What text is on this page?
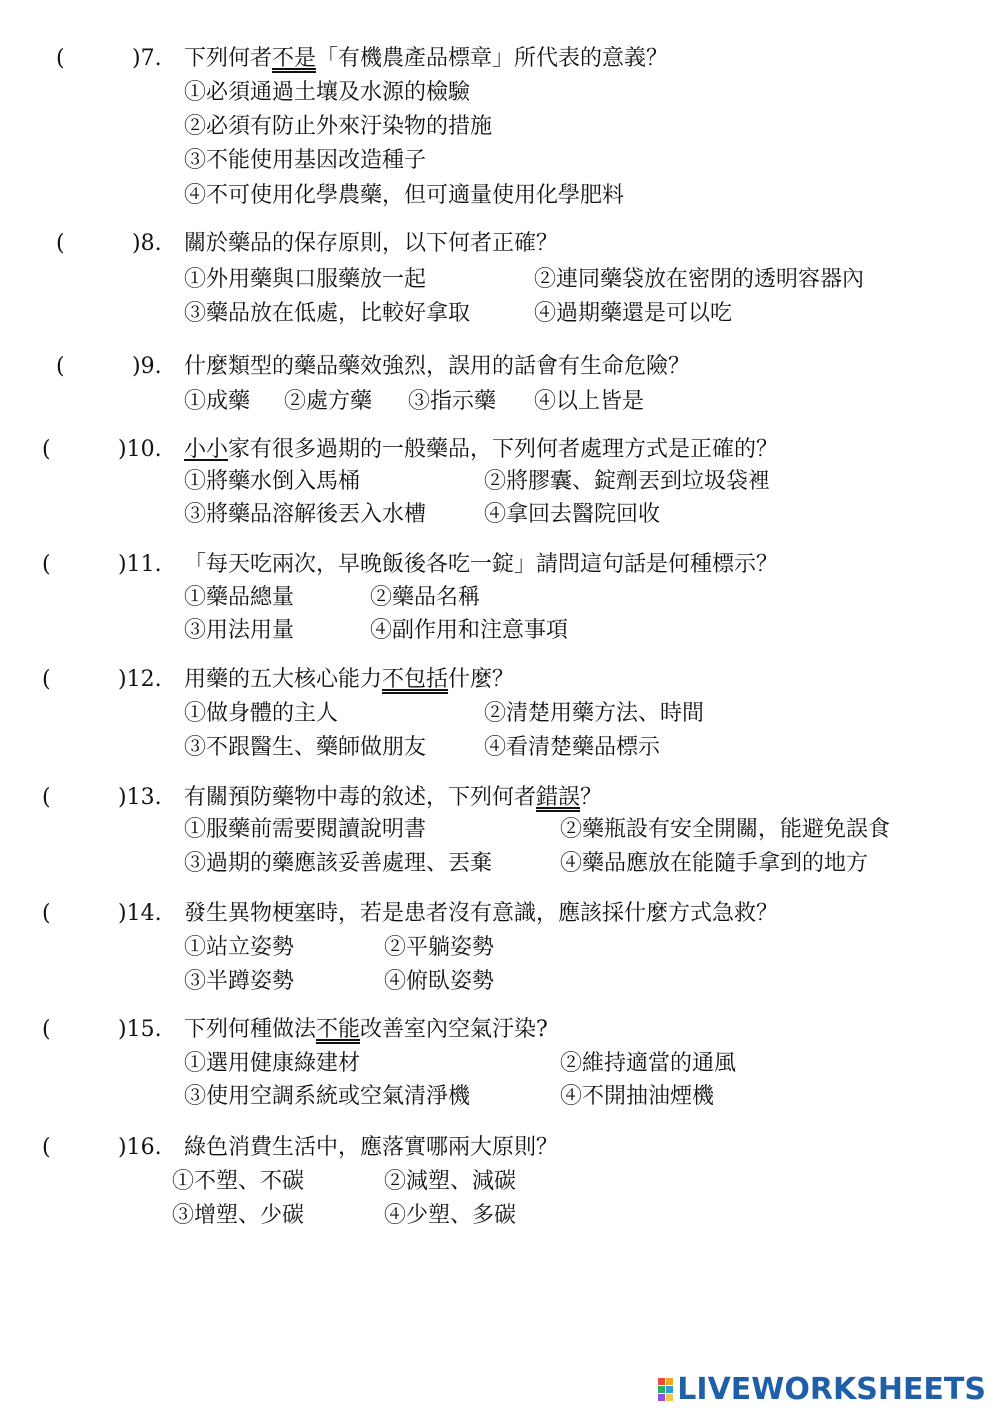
(	)7. 下列何者不是「有機農產品標章」所代表的意義？
①必須通過土壤及水源的檢驗
②必須有防止外來汙染物的措施
③不能使用基因改造種子
④不可使用化學農藥，但可適量使用化學肥料
(	)8. 關於藥品的保存原則，以下何者正確？
①外用藥與口服藥放一起	②連同藥袋放在密閉的透明容器內
③藥品放在低處，比較好拿取	④過期藥還是可以吃
(	)9. 什麼類型的藥品藥效強烈，誤用的話會有生命危險？
①成藥 ②處方藥 ③指示藥 ④以上皆是
(	)10. 小小家有很多過期的一般藥品，下列何者處理方式是正確的？
①將藥水倒入馬桶	②將膠囊、錠劑丟到垃圾袋裡
③將藥品溶解後丟入水槽	④拿回去醫院回收
(	)11. 「每天吃兩次，早晚飯後各吃一錠」請問這句話是何種標示？
①藥品總量	②藥品名稱
③用法用量	④副作用和注意事項
(	)12. 用藥的五大核心能力不包括什麼？
①做身體的主人	②清楚用藥方法、時間
③不跟醫生、藥師做朋友	④看清楚藥品標示
(	)13. 有關預防藥物中毒的敘述，下列何者錯誤？
①服藥前需要閱讀說明書	②藥瓶設有安全開關，能避免誤食
③過期的藥應該妥善處理、丟棄	④藥品應放在能隨手拿到的地方
(	)14. 發生異物梗塞時，若是患者沒有意識，應該採什麼方式急救？
①站立姿勢	②平躺姿勢
③半蹲姿勢	④俯臥姿勢
(	)15. 下列何種做法不能改善室內空氣汙染?
①選用健康綠建材	②維持適當的通風
③使用空調系統或空氣清淨機	④不開抽油煙機
(	)16. 綠色消費生活中，應落實哪兩大原則？
①不塑、不碳	②減塑、減碳
③增塑、少碳	④少塑、多碳
LIVEWORKSHEETS
